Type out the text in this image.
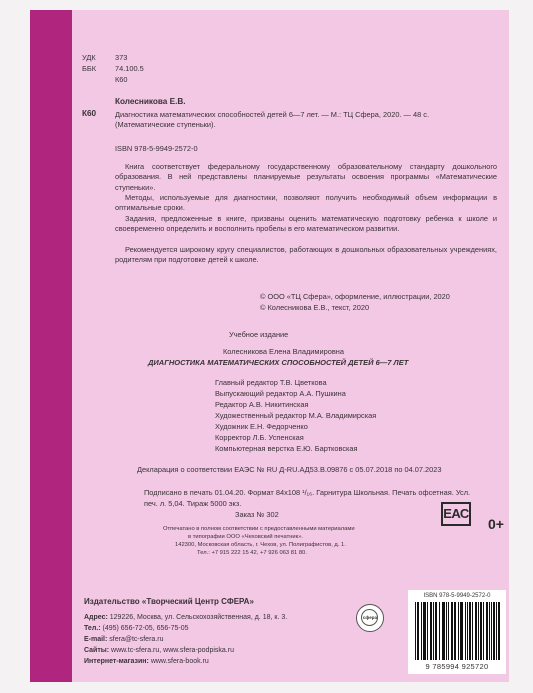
УДК	373
ББК	74.100.5
К60
Колесникова Е.В.
К60	Диагностика математических способностей детей 6—7 лет. — М.: ТЦ Сфера, 2020. — 48 с.
(Математические ступеньки).
ISBN 978-5-9949-2572-0
Книга соответствует федеральному государственному образовательному стандарту дошкольного образования. В ней представлены планируемые результаты освоения программы «Математические ступеньки».
Методы, используемые для диагностики, позволяют получить необходимый объем информации в оптимальные сроки.
Задания, предложенные в книге, призваны оценить математическую подготовку ребенка к школе и своевременно определить и восполнить пробелы в его математическом развитии.
Рекомендуется широкому кругу специалистов, работающих в дошкольных образовательных учреждениях, родителям при подготовке детей к школе.
© ООО «ТЦ Сфера», оформление, иллюстрации, 2020
© Колесникова Е.В., текст, 2020
Учебное издание
Колесникова Елена Владимировна
ДИАГНОСТИКА МАТЕМАТИЧЕСКИХ СПОСОБНОСТЕЙ ДЕТЕЙ 6—7 ЛЕТ
Главный редактор Т.В. Цветкова
Выпускающий редактор А.А. Пушкина
Редактор А.В. Никитинская
Художественный редактор М.А. Владимирская
Художник Е.Н. Федорченко
Корректор Л.Б. Успенская
Компьютерная верстка Е.Ю. Бартковская
Декларация о соответствии ЕАЭС № RU Д-RU.АД53.В.09876 с 05.07.2018 по 04.07.2023
Подписано в печать 01.04.20. Формат 84х108 ¹/₁₆. Гарнитура Школьная. Печать офсетная. Усл.
печ. л. 5,04. Тираж 5000 экз.
Заказ № 302
Отпечатано в полном соответствии с предоставленными материалами
в типографии ООО «Чеховский печатник».
142300, Московская область, г. Чехов, ул. Полиграфистов, д. 1.
Тел.: +7 915 222 15 42, +7 926 063 81 80.
0+
Издательство «Творческий Центр СФЕРА»
Адрес: 129226, Москва, ул. Сельскохозяйственная, д. 18, к. 3.
Тел.: (495) 656-72-05, 656-75-05
E-mail: sfera@tc-sfera.ru
Сайты: www.tc-sfera.ru, www.sfera-podpiska.ru
Интернет-магазин: www.sfera-book.ru
ЕАС
сфера
ISBN 978-5-9949-2572-0
9 785994 925720
